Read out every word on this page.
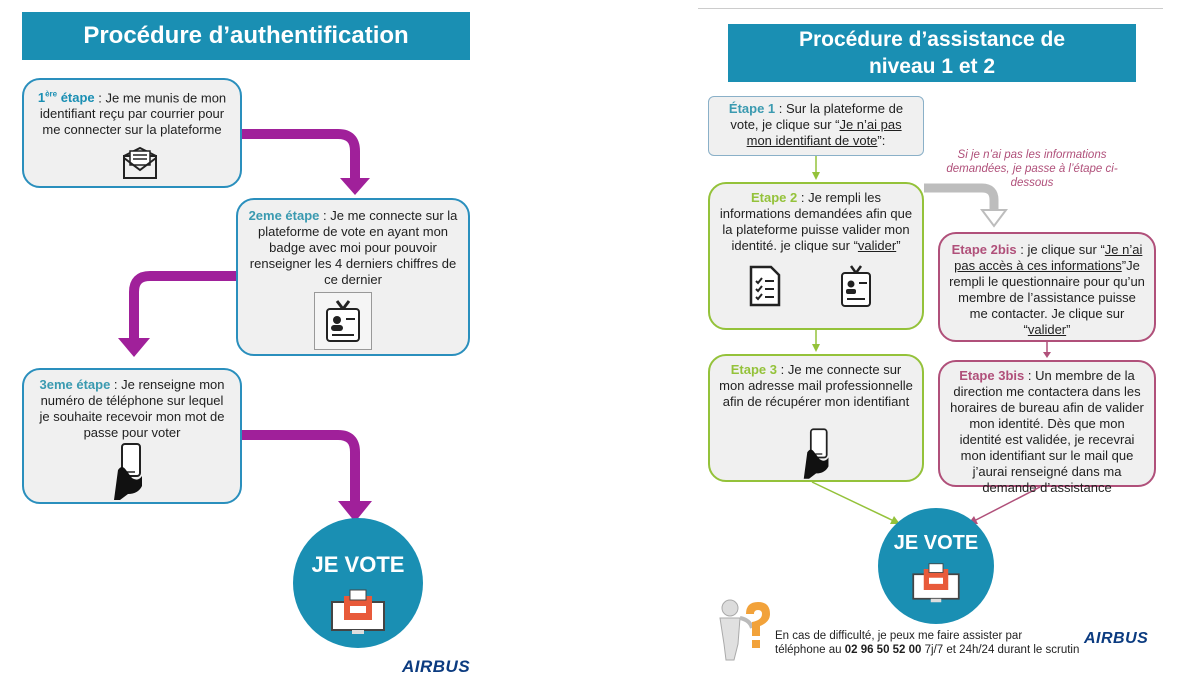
Procédure d’authentification
1ère étape : Je me munis de mon identifiant reçu par courrier pour me connecter sur la plateforme
2eme étape : Je me connecte sur la plateforme de vote en ayant mon badge avec moi pour pouvoir renseigner les 4 derniers chiffres de ce dernier
3eme étape : Je renseigne mon numéro de téléphone sur lequel je souhaite recevoir mon mot de passe pour voter
JE VOTE
AIRBUS
Procédure d’assistance de
niveau 1 et 2
Étape 1 : Sur la plateforme de vote, je clique sur “Je n’ai pas mon identifiant de vote”:
Si je n’ai pas les informations demandées, je passe à l’étape ci-dessous
Etape 2 : Je rempli les informations demandées afin que la plateforme puisse valider mon identité. je clique sur “valider”
Etape 3 : Je me connecte sur mon adresse mail professionnelle afin de récupérer mon identifiant
Etape 2bis : je clique sur “Je n’ai pas accès à ces informations”Je rempli le questionnaire pour qu’un membre de l’assistance puisse me contacter. Je clique sur “valider”
Etape 3bis : Un membre de la direction me contactera dans les horaires de bureau afin de valider mon identité. Dès que mon identité est validée, je recevrai mon identifiant sur le mail que j’aurai renseigné dans ma demande d’assistance
JE VOTE
En cas de difficulté, je peux me faire assister par
téléphone au 02 96 50 52 00 7j/7 et 24h/24 durant le scrutin
AIRBUS
